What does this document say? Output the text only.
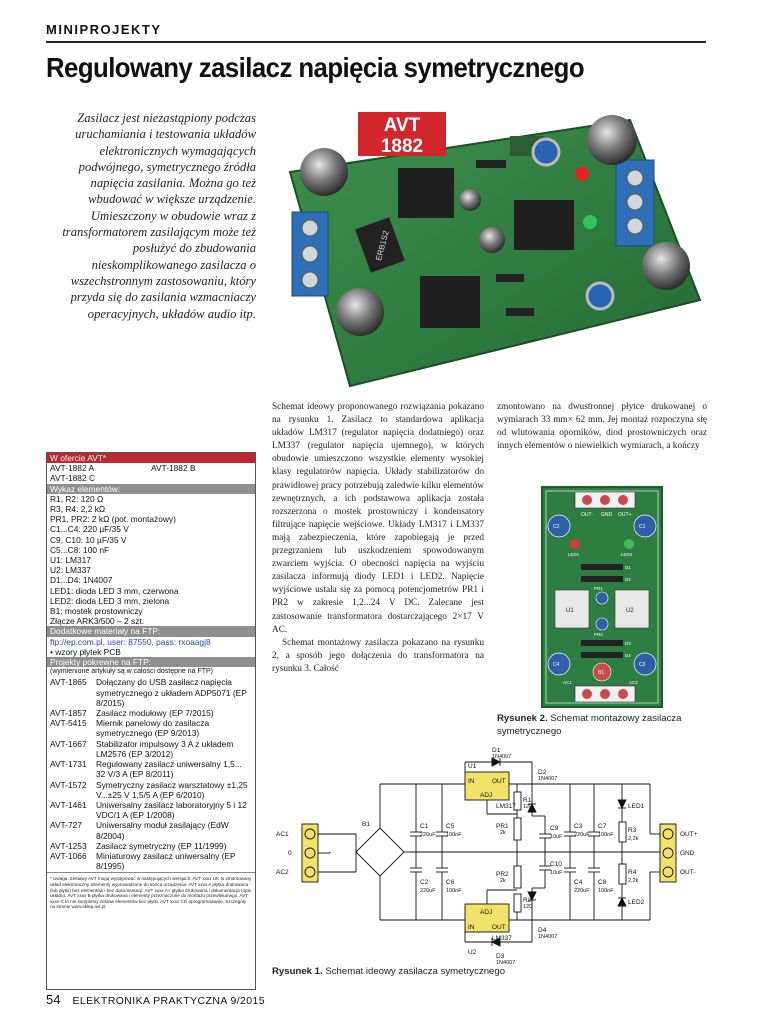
MINIPROJEKTY
Regulowany zasilacz napięcia symetrycznego

Zasilacz jest niezastąpiony podczas uruchamiania i testowania układów elektronicznych wymagających podwójnego, symetrycznego źródła napięcia zasilania. Można go też wbudować w większe urządzenie. Umieszczony w obudowie wraz z transformatorem zasilającym może też posłużyć do zbudowania nieskomplikowanego zasilacza o wszechstronnym zastosowaniu, który przyda się do zasilania wzmacniaczy operacyjnych, układów audio itp.

AVT
1882
ERB1S2
W ofercie AVT*
AVT-1882 A	AVT-1882 B
AVT-1882 C
Wykaz elementów:
R1, R2: 120 Ω
R3, R4: 2,2 kΩ
PR1, PR2: 2 kΩ (pot. montażowy)
C1...C4: 220 µF/35 V
C9, C10: 10 µF/35 V
C5...C8: 100 nF
U1: LM317
U2: LM337
D1...D4: 1N4007
LED1: dioda LED 3 mm, czerwona
LED2: dioda LED 3 mm, zielona
B1: mostek prostowniczy
Złącze ARK3/500 – 2 szt.
Dodatkowe materiały na FTP:
ftp://ep.com.pl, user: 87550, pass: rxoaagj8
• wzory płytek PCB
Projekty pokrewne na FTP:
(wymienione artykuły są w całości dostępne na FTP)
AVT-1865	Dołączany do USB zasilacz napięcia symetrycznego z układem ADP5071 (EP 8/2015)
AVT-1857	Zasilacz modułowy (EP 7/2015)
AVT-5415	Miernik panelowy do zasilacza symetrycznego (EP 9/2013)
AVT-1667	Stabilizator impulsowy 3 A z układem LM2576 (EP 3/2012)
AVT-1731	Regulowany zasilacz uniwersalny 1,5... 32 V/3 A (EP 8/2011)
AVT-1572	Symetryczny zasilacz warsztatowy ±1,25 V...±25 V 1,5/5 A (EP 6/2010)
AVT-1461	Uniwersalny zasilacz laboratoryjny 5 i 12 VDC/1 A (EP 1/2008)
AVT-727	Uniwersalny moduł zasilający (EdW 8/2004)
AVT-1253	Zasilacz symetryczny (EP 11/1999)
AVT-1066	Miniaturowy zasilacz uniwersalny (EP 8/1995)
* Uwaga: Zestawy AVT mogą występować w następujących wersjach: AVT xxxx UK to zmontowany układ elektroniczny. Elementy wyprowadzone do końca urządzenia. AVT xxxx A płytka drukowana (lub płytki) bez elementów i bez dokumentacji. AVT xxxx A+ płytka drukowana i dokumentacja (opis układu). AVT xxxx B płytka drukowana i elementy przeznaczone do montażu przewlekanego. AVT xxxx C to nie kompletny zestaw elementów bez płytki. AVT xxxx CD oprogramowanie. Szczegóły na stronie www.sklep.avt.pl

Schemat ideowy proponowanego rozwiązania pokazano na rysunku 1. Zasilacz to standardowa aplikacja układów LM317 (regulator napięcia dodatniego) oraz LM337 (regulator napięcia ujemnego), w których obudowie umieszczono wszystkie elementy wysokiej klasy regulatorów napięcia. Układy stabilizatorów do prawidłowej pracy potrzebują zaledwie kilku elementów zewnętrznych, a ich podstawowa aplikacja została rozszerzona o mostek prostowniczy i kondensatory filtrujące napięcie wejściowe. Układy LM317 i LM337 mają zabezpieczenia, które zapobiegają je przed przegrzaniem lub uszkodzeniem spowodowanym zwarciem wyjścia. O obecności napięcia na wyjściu zasilacza informują diody LED1 i LED2. Napięcie wyjściowe ustala się za pomocą potencjometrów PR1 i PR2 w zakresie 1,2...24 V DC. Zalecane jest zastosowanie transformatora dostarczającego 2×17 V AC.

Schemat montażowy zasilacza pokazano na rysunku 2, a sposób jego dołączenia do transformatora na rysunku 3. Całość

zmontowano na dwustronnej płytce drukowanej o wymiarach 33 mm× 62 mm. Jej montaż rozpoczyna się od wlutowania oporników, diod prostowniczych oraz innych elementów o niewielkich wymiarach, a kończy

OUT- GND OUT+
C2	C1
C4	C3
LED1	LED2
D1
D2
D3
D4
U1	U2
PR1
PR2
B1
AC1	AC2
Rysunek 2. Schemat montażowy zasilacza symetrycznego
AC1
0
AC2
B1	C1
220uF
C2
220uF
C5
100nF
C6
100nF
U1
IN	OUT
ADJ
LM317
U2
IN	OUT
ADJ
LM337
D1
1N4007
D3
1N4007
D2
1N4007
D4
1N4007
R1
120
R2
120
PR1
2k
PR2
2k
C9
10uF
C10
10uF
C3
220uF
C4
220uF
C7
100nF
C8
100nF
LED1
LED2
R3
2,2k
R4
2,2k
OUT+
GND
OUT-
Rysunek 1. Schemat ideowy zasilacza symetrycznego
54 ELEKTRONIKA PRAKTYCZNA 9/2015
